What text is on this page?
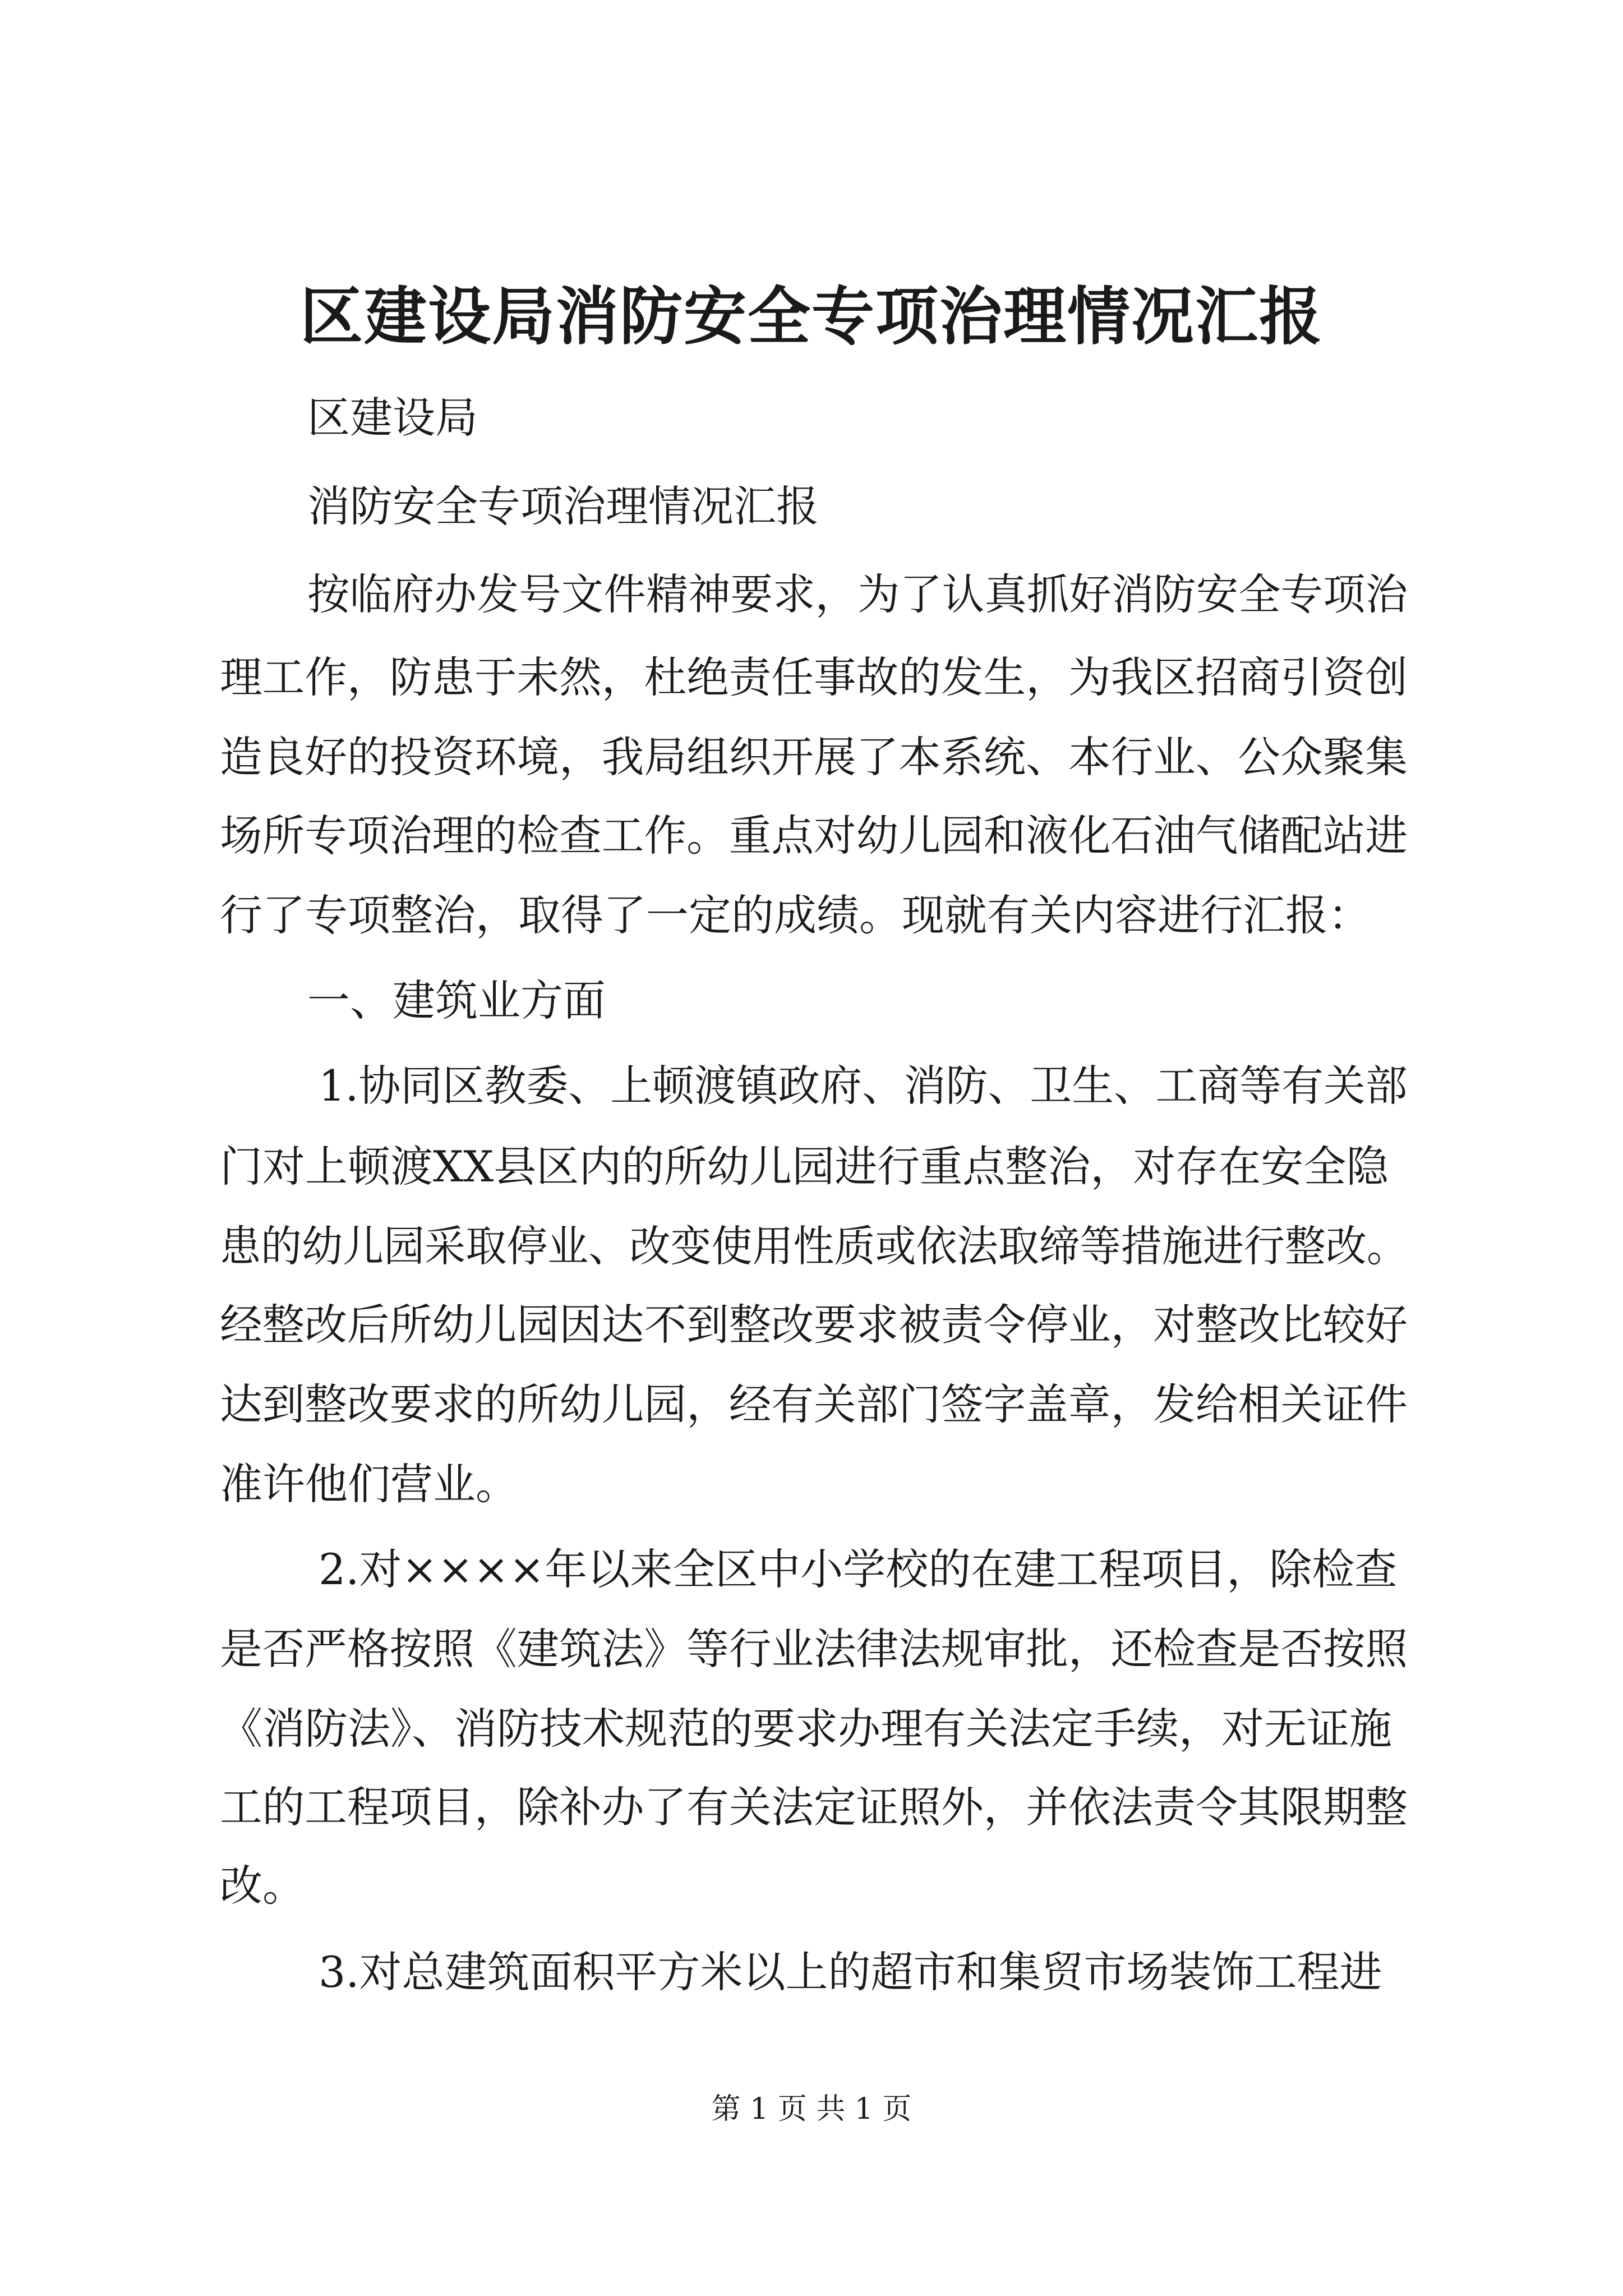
区建设局消防安全专项治理情况汇报

区建设局

消防安全专项治理情况汇报

按临府办发号文件精神要求，为了认真抓好消防安全专项治

理工作，防患于未然，杜绝责任事故的发生，为我区招商引资创

造良好的投资环境，我局组织开展了本系统、本行业、公众聚集

场所专项治理的检查工作。重点对幼儿园和液化石油气储配站进

行了专项整治，取得了一定的成绩。现就有关内容进行汇报：

一、建筑业方面

1.协同区教委、上顿渡镇政府、消防、卫生、工商等有关部

门对上顿渡XX县区内的所幼儿园进行重点整治，对存在安全隐

患的幼儿园采取停业、改变使用性质或依法取缔等措施进行整改。

经整改后所幼儿园因达不到整改要求被责令停业，对整改比较好

达到整改要求的所幼儿园，经有关部门签字盖章，发给相关证件

准许他们营业。

2.对××××年以来全区中小学校的在建工程项目，除检查

是否严格按照《建筑法》等行业法律法规审批，还检查是否按照

《消防法》、消防技术规范的要求办理有关法定手续，对无证施

工的工程项目，除补办了有关法定证照外，并依法责令其限期整

改。

3.对总建筑面积平方米以上的超市和集贸市场装饰工程进

第 1 页 共 1 页
